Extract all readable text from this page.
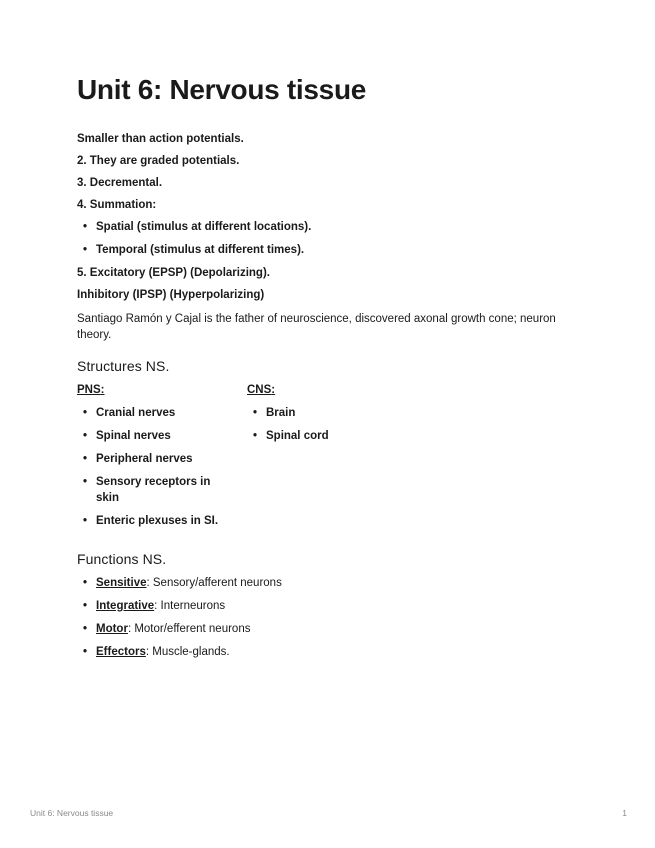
Unit 6: Nervous tissue

Smaller than action potentials.

2. They are graded potentials.

3. Decremental.

4. Summation:

• Spatial (stimulus at different locations).
• Temporal (stimulus at different times).

5. Excitatory (EPSP) (Depolarizing).

Inhibitory (IPSP) (Hyperpolarizing)

Santiago Ramón y Cajal is the father of neuroscience, discovered axonal growth cone; neuron theory.

Structures NS.
PNS:
• Cranial nerves
• Spinal nerves
• Peripheral nerves
• Sensory receptors in skin
• Enteric plexuses in SI.
CNS:
• Brain
• Spinal cord
Functions NS.
• Sensitive: Sensory/afferent neurons
• Integrative: Interneurons
• Motor: Motor/efferent neurons
• Effectors: Muscle-glands.
Unit 6: Nervous tissue	1
